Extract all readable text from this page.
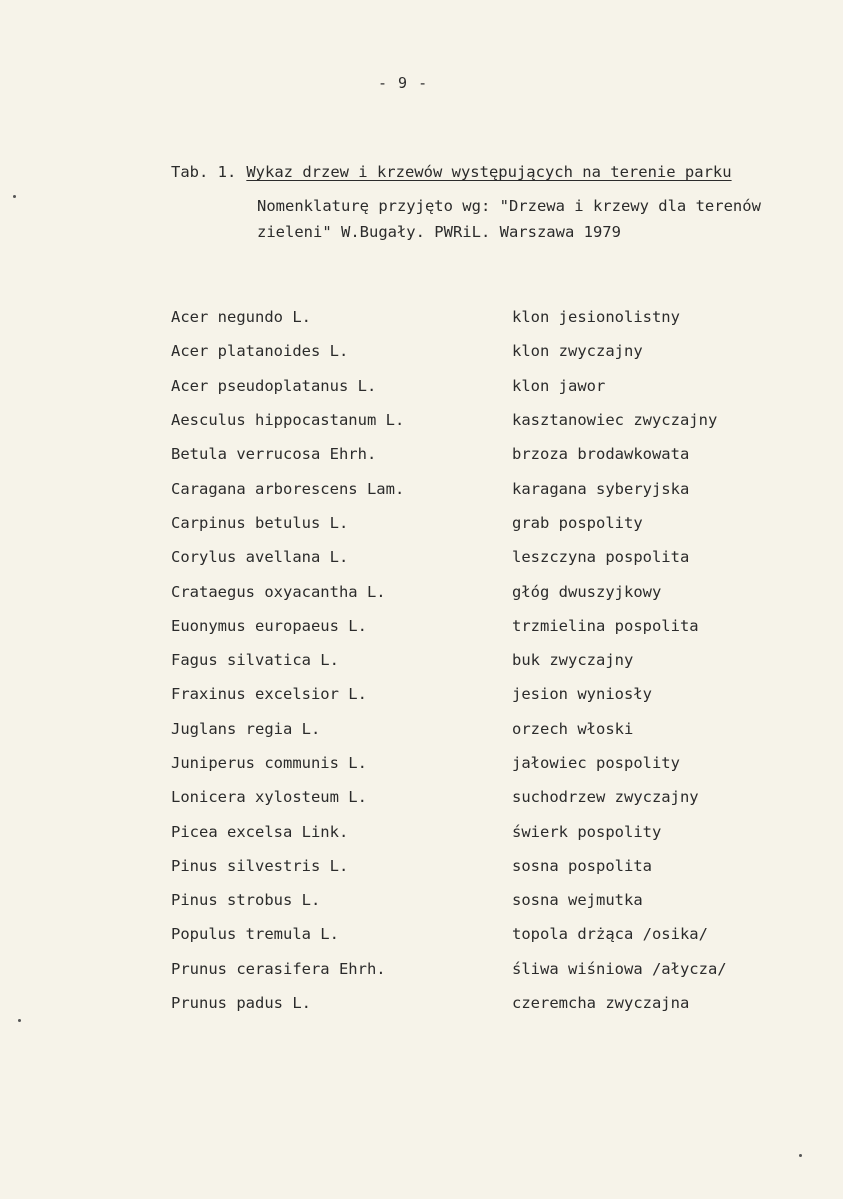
- 9 -
Tab. 1. Wykaz drzew i krzewów występujących na terenie parku
Nomenklaturę przyjęto wg: "Drzewa i krzewy dla terenów
zieleni" W.Bugały. PWRiL. Warszawa 1979
Acer negundo L.	klon jesionolistny
Acer platanoides L.	klon zwyczajny
Acer pseudoplatanus L.	klon jawor
Aesculus hippocastanum L.	kasztanowiec zwyczajny
Betula verrucosa Ehrh.	brzoza brodawkowata
Caragana arborescens Lam.	karagana syberyjska
Carpinus betulus L.	grab pospolity
Corylus avellana L.	leszczyna pospolita
Crataegus oxyacantha L.	głóg dwuszyjkowy
Euonymus europaeus L.	trzmielina pospolita
Fagus silvatica L.	buk zwyczajny
Fraxinus excelsior L.	jesion wyniosły
Juglans regia L.	orzech włoski
Juniperus communis L.	jałowiec pospolity
Lonicera xylosteum L.	suchodrzew zwyczajny
Picea excelsa Link.	świerk pospolity
Pinus silvestris L.	sosna pospolita
Pinus strobus L.	sosna wejmutka
Populus tremula L.	topola drżąca /osika/
Prunus cerasifera Ehrh.	śliwa wiśniowa /ałycza/
Prunus padus L.	czeremcha zwyczajna
